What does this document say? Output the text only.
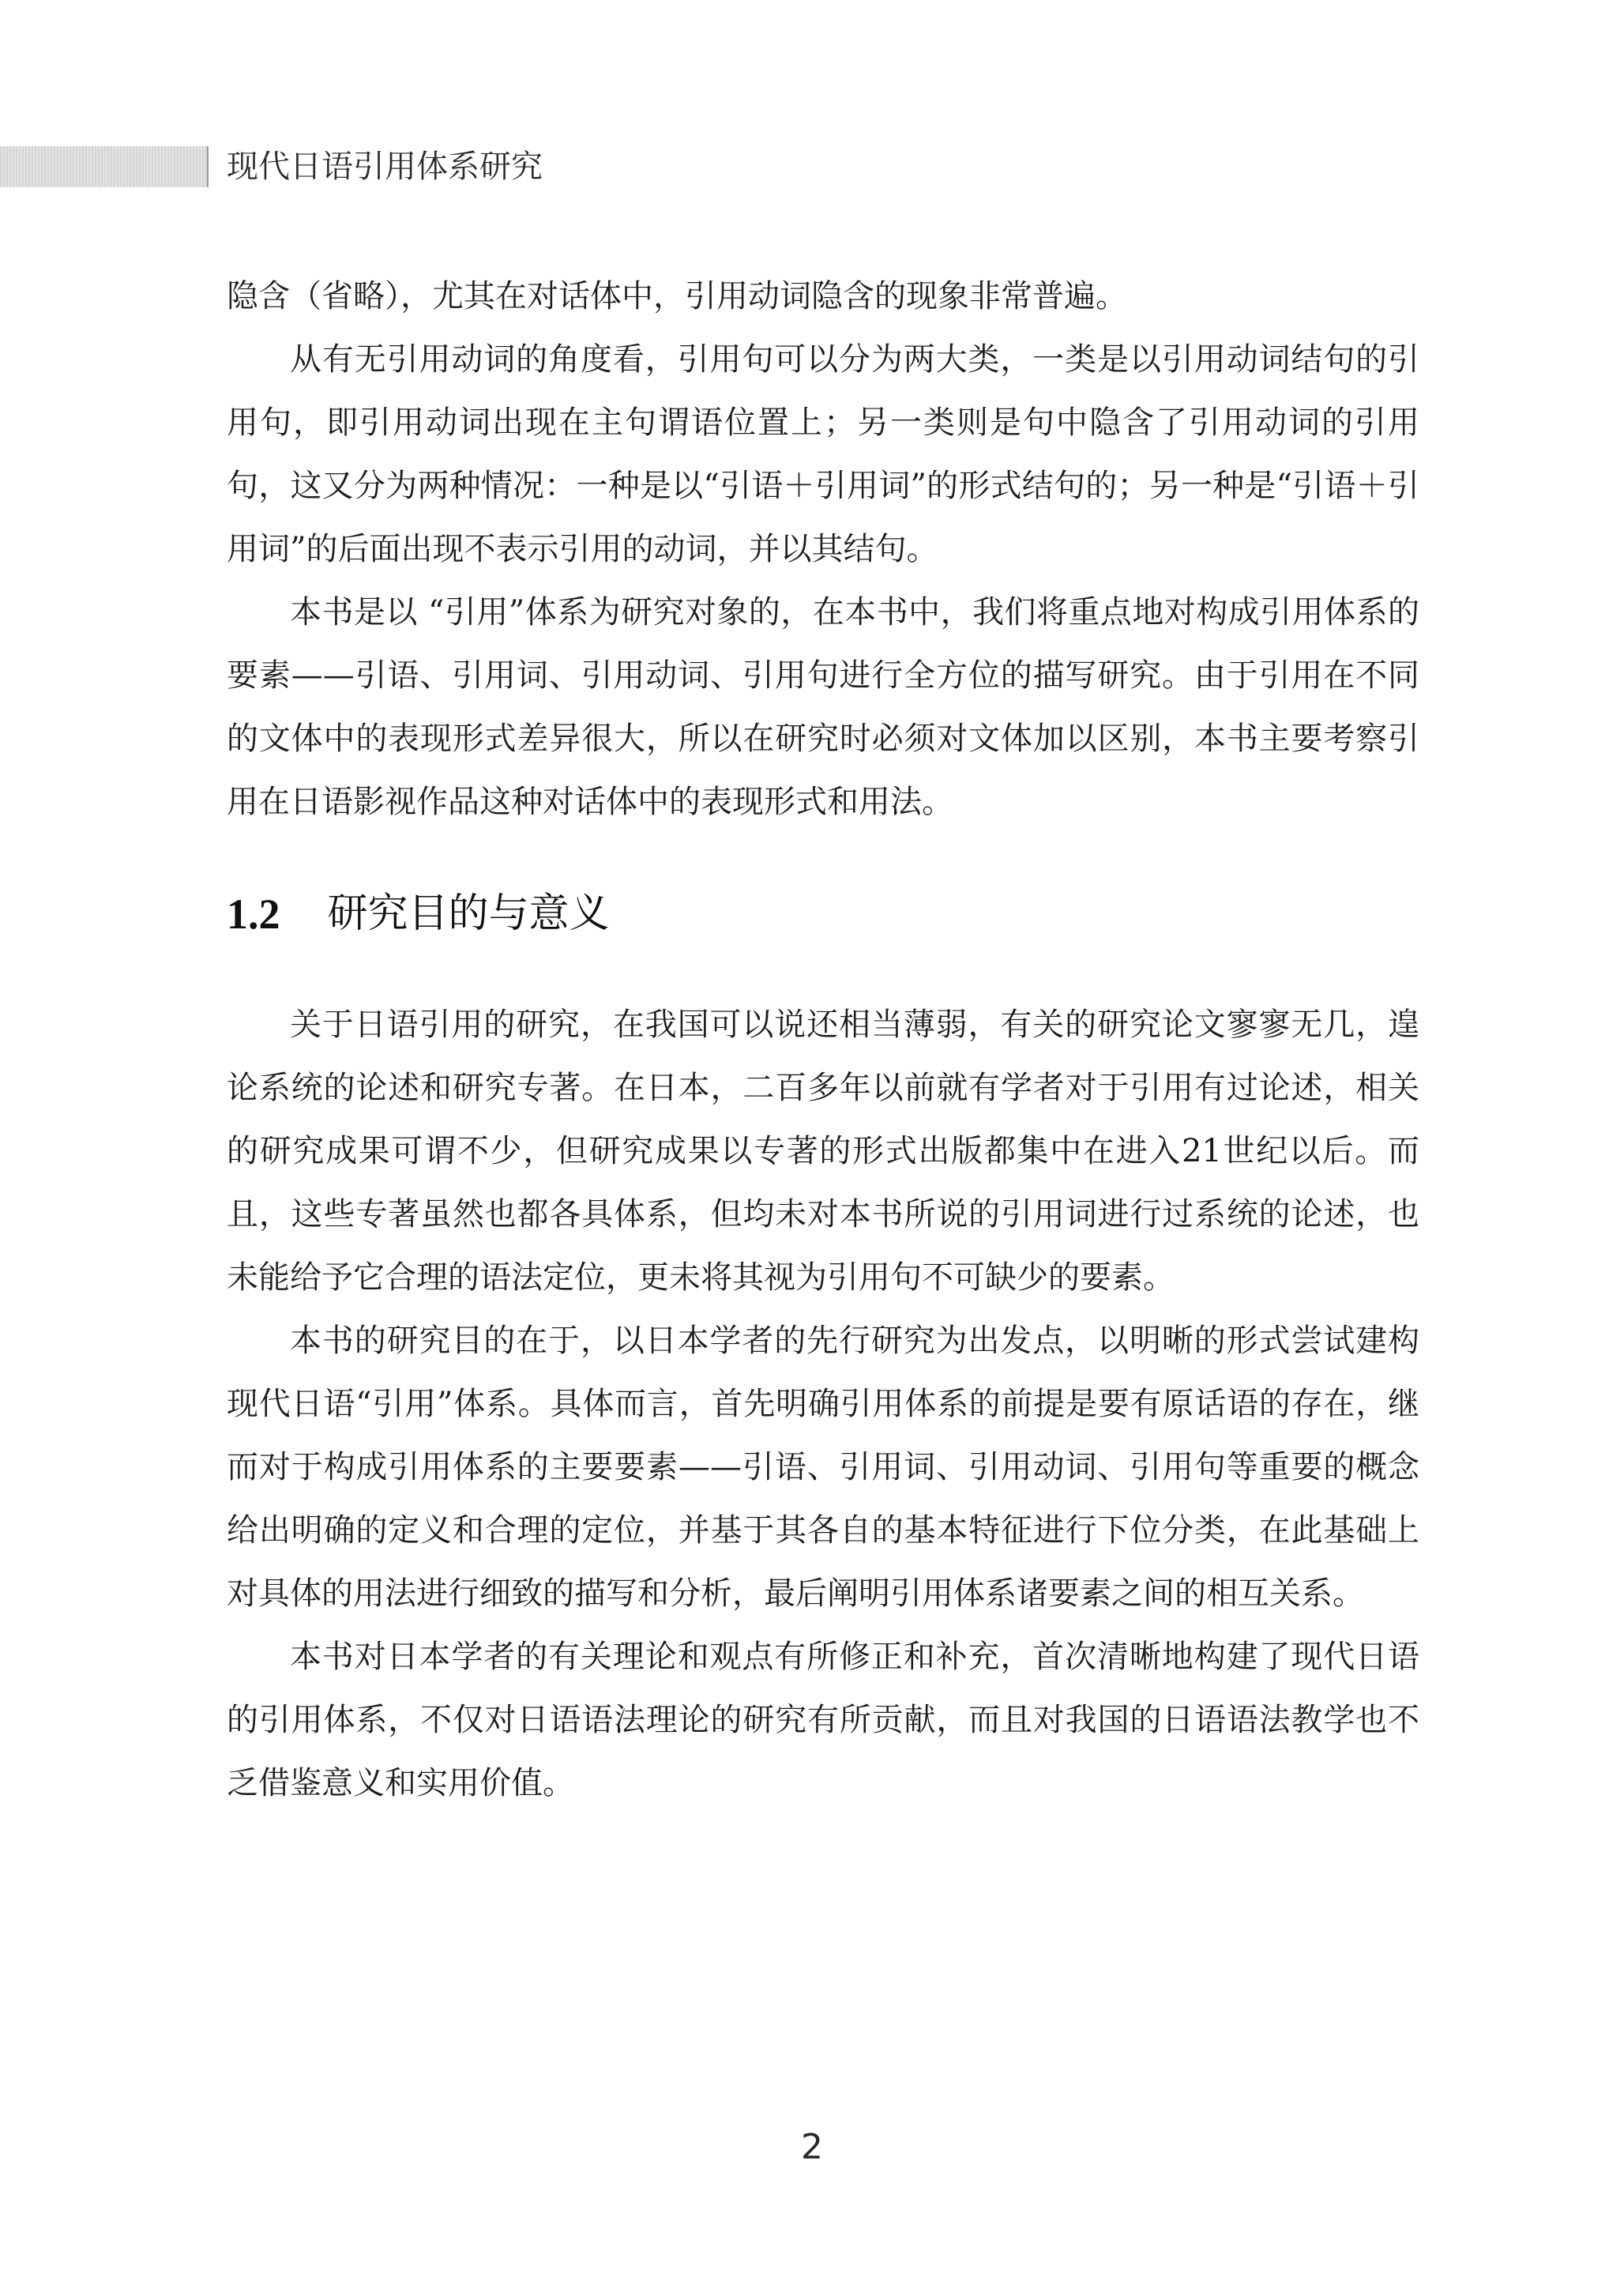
现代日语引用体系研究

隐含（省略），尤其在对话体中，引用动词隐含的现象非常普遍。

从有无引用动词的角度看，引用句可以分为两大类，一类是以引用动词结句的引用句，即引用动词出现在主句谓语位置上；另一类则是句中隐含了引用动词的引用句，这又分为两种情况：一种是以“引语＋引用词”的形式结句的；另一种是“引语＋引用词”的后面出现不表示引用的动词，并以其结句。

本书是以 “引用”体系为研究对象的，在本书中，我们将重点地对构成引用体系的要素——引语、引用词、引用动词、引用句进行全方位的描写研究。由于引用在不同的文体中的表现形式差异很大，所以在研究时必须对文体加以区别，本书主要考察引用在日语影视作品这种对话体中的表现形式和用法。

1.2 研究目的与意义

关于日语引用的研究，在我国可以说还相当薄弱，有关的研究论文寥寥无几，遑论系统的论述和研究专著。在日本，二百多年以前就有学者对于引用有过论述，相关的研究成果可谓不少，但研究成果以专著的形式出版都集中在进入21世纪以后。而且，这些专著虽然也都各具体系，但均未对本书所说的引用词进行过系统的论述，也未能给予它合理的语法定位，更未将其视为引用句不可缺少的要素。

本书的研究目的在于，以日本学者的先行研究为出发点，以明晰的形式尝试建构现代日语“引用”体系。具体而言，首先明确引用体系的前提是要有原话语的存在，继而对于构成引用体系的主要要素——引语、引用词、引用动词、引用句等重要的概念给出明确的定义和合理的定位，并基于其各自的基本特征进行下位分类，在此基础上对具体的用法进行细致的描写和分析，最后阐明引用体系诸要素之间的相互关系。

本书对日本学者的有关理论和观点有所修正和补充，首次清晰地构建了现代日语的引用体系，不仅对日语语法理论的研究有所贡献，而且对我国的日语语法教学也不乏借鉴意义和实用价值。

2
